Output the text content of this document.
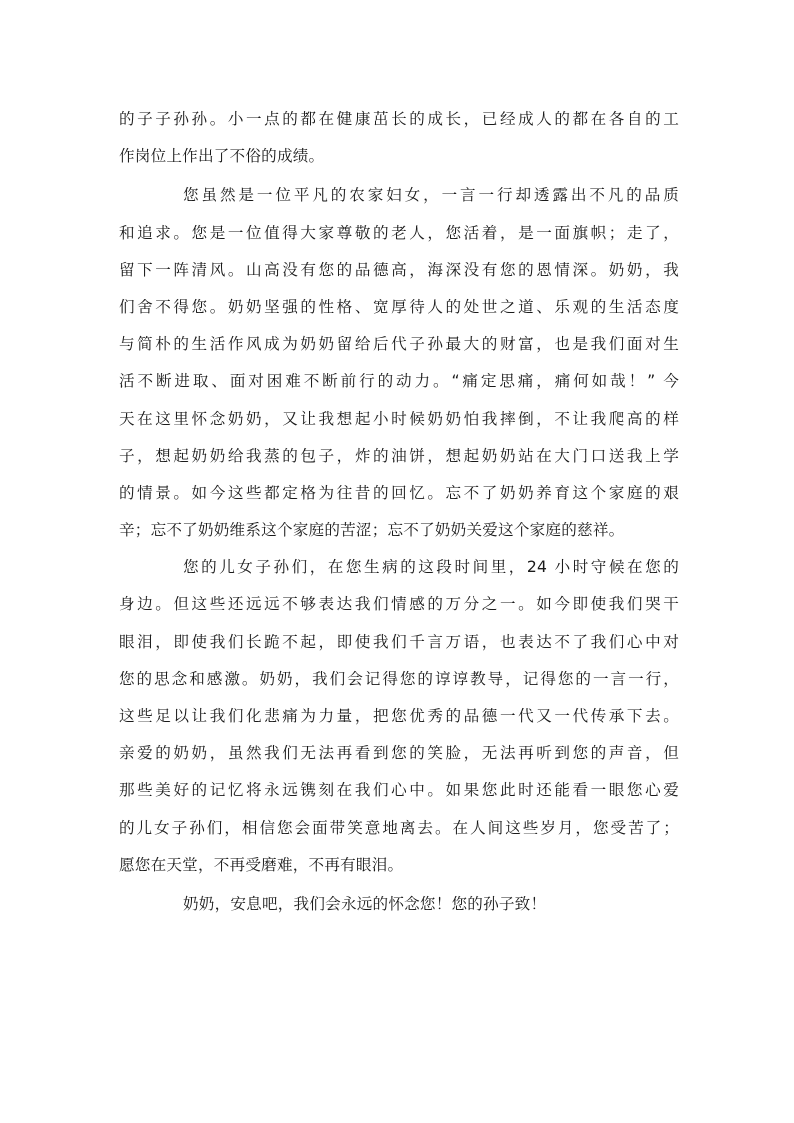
的子子孙孙。小一点的都在健康茁长的成长，已经成人的都在各自的工
作岗位上作出了不俗的成绩。
您虽然是一位平凡的农家妇女，一言一行却透露出不凡的品质
和追求。您是一位值得大家尊敬的老人，您活着，是一面旗帜；走了，
留下一阵清风。山高没有您的品德高，海深没有您的恩情深。奶奶，我
们舍不得您。奶奶坚强的性格、宽厚待人的处世之道、乐观的生活态度
与简朴的生活作风成为奶奶留给后代子孙最大的财富，也是我们面对生
活不断进取、面对困难不断前行的动力。“痛定思痛，痛何如哉！” 今
天在这里怀念奶奶，又让我想起小时候奶奶怕我摔倒，不让我爬高的样
子，想起奶奶给我蒸的包子，炸的油饼，想起奶奶站在大门口送我上学
的情景。如今这些都定格为往昔的回忆。忘不了奶奶养育这个家庭的艰
辛；忘不了奶奶维系这个家庭的苦涩；忘不了奶奶关爱这个家庭的慈祥。
您的儿女子孙们，在您生病的这段时间里，24 小时守候在您的
身边。但这些还远远不够表达我们情感的万分之一。如今即使我们哭干
眼泪，即使我们长跪不起，即使我们千言万语，也表达不了我们心中对
您的思念和感激。奶奶，我们会记得您的谆谆教导，记得您的一言一行，
这些足以让我们化悲痛为力量，把您优秀的品德一代又一代传承下去。
亲爱的奶奶，虽然我们无法再看到您的笑脸，无法再听到您的声音，但
那些美好的记忆将永远镌刻在我们心中。如果您此时还能看一眼您心爱
的儿女子孙们，相信您会面带笑意地离去。在人间这些岁月，您受苦了；
愿您在天堂，不再受磨难，不再有眼泪。
奶奶，安息吧，我们会永远的怀念您！您的孙子致！
